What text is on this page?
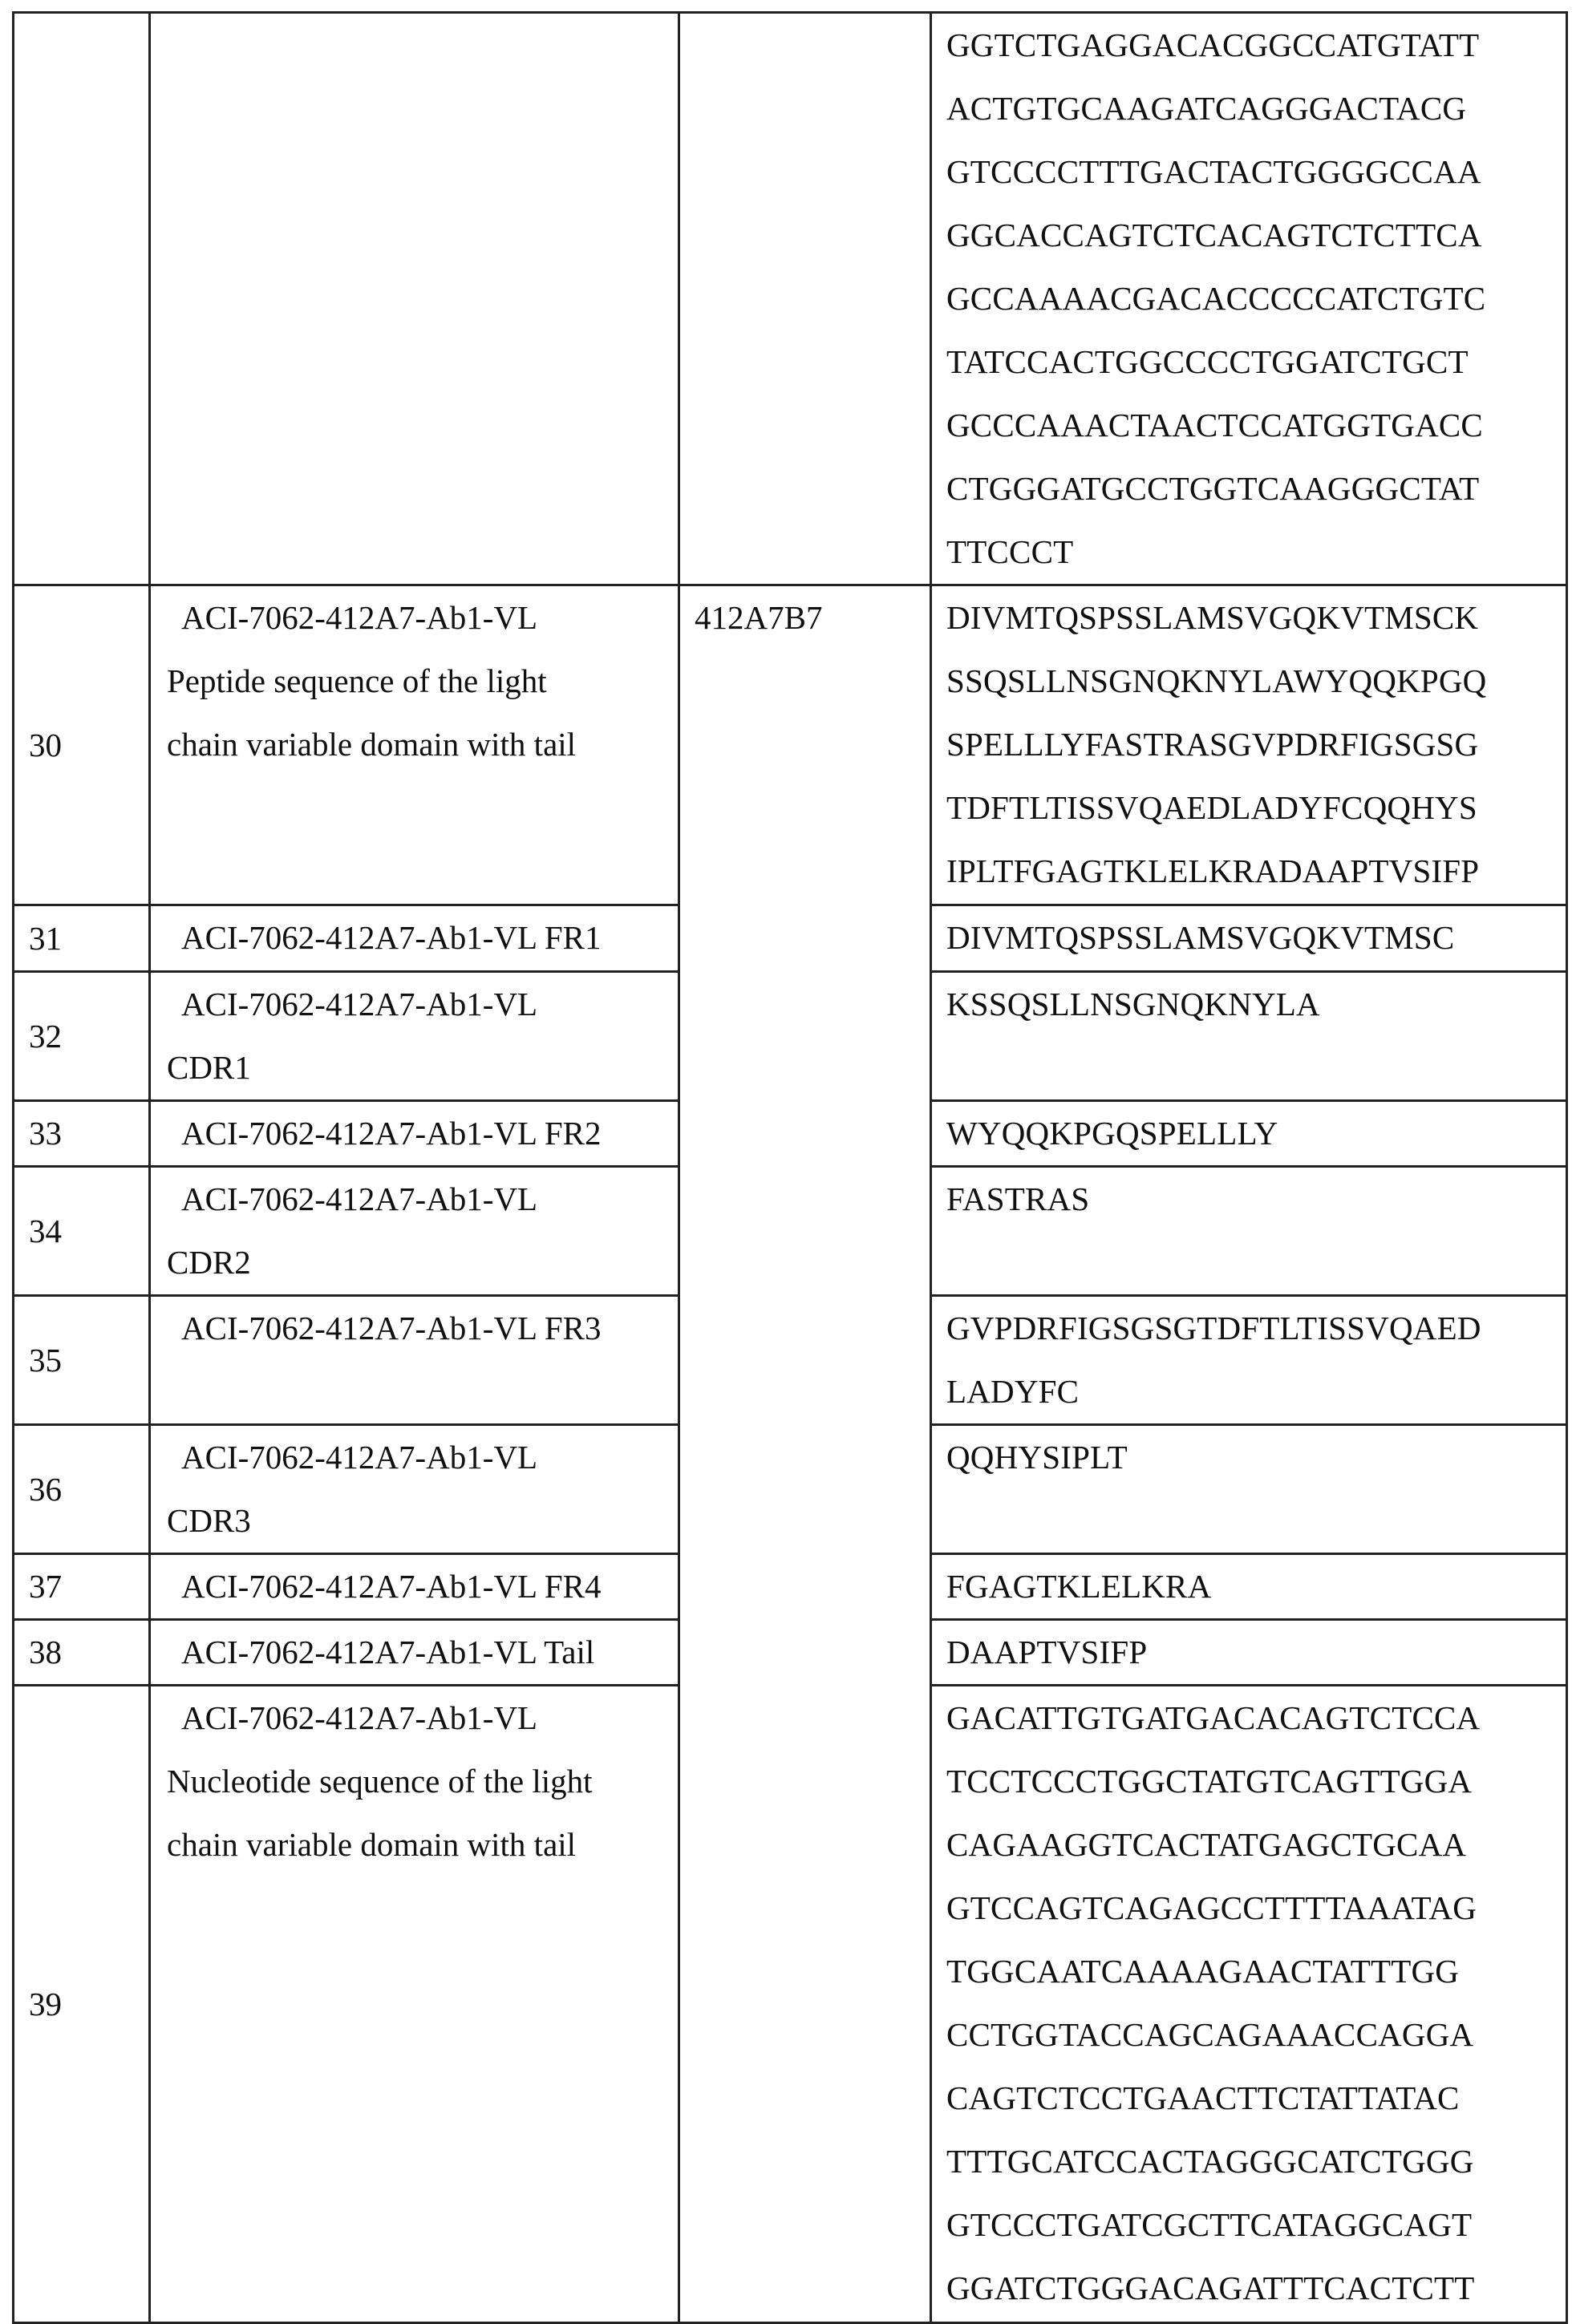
GGTCTGAGGACACGGCCATGTATT
ACTGTGCAAGATCAGGGACTACG
GTCCCCTTTGACTACTGGGGCCAA
GGCACCAGTCTCACAGTCTCTTCA
GCCAAAACGACACCCCCATCTGTC
TATCCACTGGCCCCTGGATCTGCT
GCCCAAACTAACTCCATGGTGACC
CTGGGATGCCTGGTCAAGGGCTAT
TTCCCT

30	
ACI-7062-412A7-Ab1-VL
Peptide sequence of the light
chain variable domain with tail
	412A7B7	DIVMTQSPSSLAMSVGQKVTMSCK
SSQSLLNSGNQKNYLAWYQQKPGQ
SPELLLYFASTRASGVPDRFIGSGSG
TDFTLTISSVQAEDLADYFCQQHYS
IPLTFGAGTKLELKRADAAPTVSIFP

31	ACI-7062-412A7-Ab1-VL FR1	DIVMTQSPSSLAMSVGQKVTMSC

32	
ACI-7062-412A7-Ab1-VL
CDR1

KSSQSLLNSGNQKNYLA

33	ACI-7062-412A7-Ab1-VL FR2	WYQQKPGQSPELLLY

34	
ACI-7062-412A7-Ab1-VL
CDR2

FASTRAS

35	
ACI-7062-412A7-Ab1-VL FR3	GVPDRFIGSGSGTDFTLTISSVQAED
LADYFC

36	
ACI-7062-412A7-Ab1-VL
CDR3

QQHYSIPLT

37	ACI-7062-412A7-Ab1-VL FR4	FGAGTKLELKRA

38	ACI-7062-412A7-Ab1-VL Tail	DAAPTVSIFP

39	
ACI-7062-412A7-Ab1-VL
Nucleotide sequence of the light
chain variable domain with tail

GACATTGTGATGACACAGTCTCCA
TCCTCCCTGGCTATGTCAGTTGGA
CAGAAGGTCACTATGAGCTGCAA
GTCCAGTCAGAGCCTTTTAAATAG
TGGCAATCAAAAGAACTATTTGG
CCTGGTACCAGCAGAAACCAGGA
CAGTCTCCTGAACTTCTATTATAC
TTTGCATCCACTAGGGCATCTGGG
GTCCCTGATCGCTTCATAGGCAGT
GGATCTGGGACAGATTTCACTCTT
